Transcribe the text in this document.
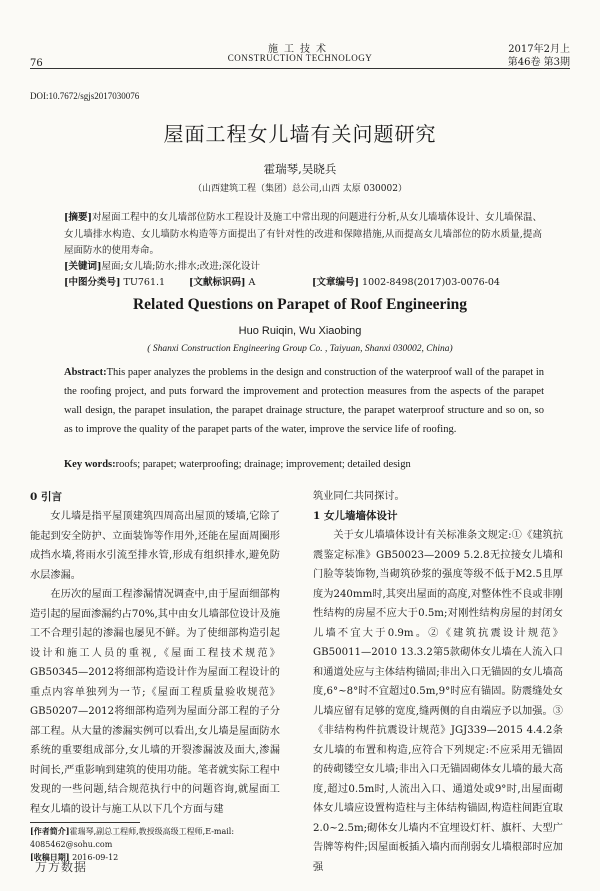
76
施工技术
CONSTRUCTION TECHNOLOGY
2017年2月上
第46卷 第3期
DOI:10.7672/sgjs2017030076
屋面工程女儿墙有关问题研究
霍瑞琴,吴晓兵
（山西建筑工程（集团）总公司,山西 太原 030002）
[摘要]对屋面工程中的女儿墙部位防水工程设计及施工中常出现的问题进行分析,从女儿墙墙体设计、女儿墙保温、女儿墙排水构造、女儿墙防水构造等方面提出了有针对性的改进和保障措施,从而提高女儿墙部位的防水质量,提高屋面防水的使用寿命。
[关键词]屋面;女儿墙;防水;排水;改进;深化设计
[中图分类号] TU761.1	[文献标识码] A	[文章编号] 1002-8498(2017)03-0076-04
Related Questions on Parapet of Roof Engineering
Huo Ruiqin, Wu Xiaobing
( Shanxi Construction Engineering Group Co. , Taiyuan, Shanxi 030002, China)
Abstract:This paper analyzes the problems in the design and construction of the waterproof wall of the parapet in the roofing project, and puts forward the improvement and protection measures from the aspects of the parapet wall design, the parapet insulation, the parapet drainage structure, the parapet waterproof structure and so on, so as to improve the quality of the parapet parts of the water, improve the service life of roofing.
Key words:roofs; parapet; waterproofing; drainage; improvement; detailed design
0 引言

女儿墙是指平屋顶建筑四周高出屋顶的矮墙,它除了能起到安全防护、立面装饰等作用外,还能在屋面周圈形成挡水墙,将雨水引流至排水管,形成有组织排水,避免防水层渗漏。

在历次的屋面工程渗漏情况调查中,由于屋面细部构造引起的屋面渗漏约占70%,其中由女儿墙部位设计及施工不合理引起的渗漏也屡见不鲜。为了使细部构造引起设计和施工人员的重视,《屋面工程技术规范》GB50345—2012将细部构造设计作为屋面工程设计的重点内容单独列为一节;《屋面工程质量验收规范》GB50207—2012将细部构造列为屋面分部工程的子分部工程。从大量的渗漏实例可以看出,女儿墙是屋面防水系统的重要组成部分,女儿墙的开裂渗漏波及面大,渗漏时间长,严重影响到建筑的使用功能。笔者就实际工程中发现的一些问题,结合规范执行中的问题咨询,就屋面工程女儿墙的设计与施工从以下几个方面与建

筑业同仁共同探讨。

1 女儿墙墙体设计

关于女儿墙墙体设计有关标准条文规定:①《建筑抗震鉴定标准》GB50023—2009 5.2.8无拉接女儿墙和门脸等装饰物,当砌筑砂浆的强度等级不低于M2.5且厚度为240mm时,其突出屋面的高度,对整体性不良或非刚性结构的房屋不应大于0.5m;对刚性结构房屋的封闭女儿墙不宜大于0.9m。②《建筑抗震设计规范》GB50011—2010 13.3.2第5款砌体女儿墙在人流入口和通道处应与主体结构锚固;非出入口无锚固的女儿墙高度,6°~8°时不宜超过0.5m,9°时应有锚固。防震缝处女儿墙应留有足够的宽度,缝两侧的自由端应予以加强。③《非结构构件抗震设计规范》JGJ339—2015 4.4.2条女儿墙的布置和构造,应符合下列规定:不应采用无锚固的砖砌镂空女儿墙;非出入口无锚固砌体女儿墙的最大高度,超过0.5m时,人流出入口、通道处或9°时,出屋面砌体女儿墙应设置构造柱与主体结构锚固,构造柱间距宜取2.0~2.5m;砌体女儿墙内不宜埋设灯杆、旗杆、大型广告牌等构件;因屋面板插入墙内而削弱女儿墙根部时应加强

[作者简介]霍瑞琴,副总工程师,教授级高级工程师,E-mail: 4085462@sohu.com
[收稿日期] 2016-09-12
万方数据
